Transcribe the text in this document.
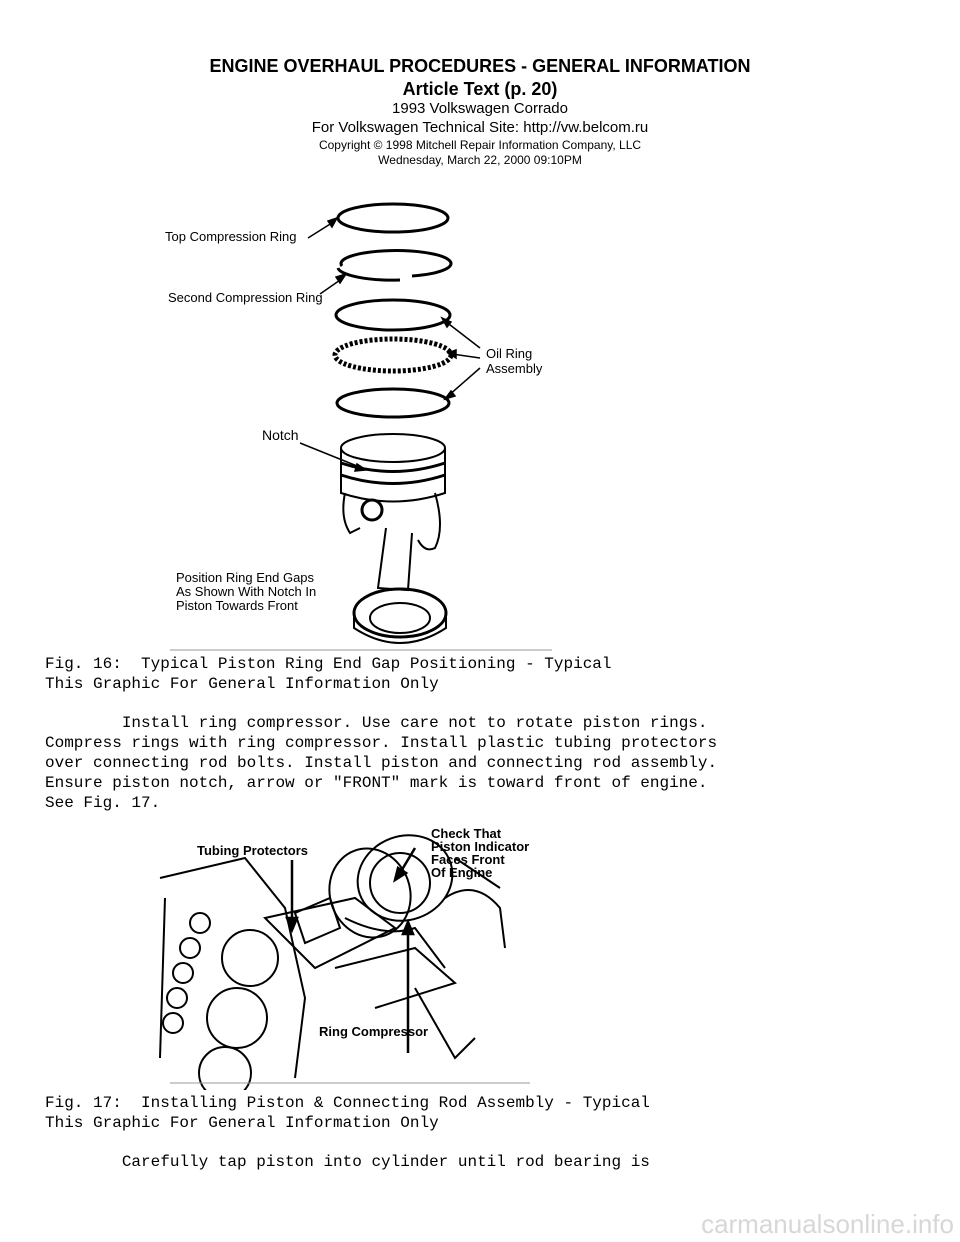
ENGINE OVERHAUL PROCEDURES - GENERAL INFORMATION
Article Text (p. 20)
1993 Volkswagen Corrado
For Volkswagen Technical Site: http://vw.belcom.ru
Copyright © 1998 Mitchell Repair Information Company, LLC
Wednesday, March 22, 2000 09:10PM
Top Compression Ring
Second Compression Ring
Oil Ring
Assembly
Notch
Position Ring End Gaps
As Shown With Notch In
Piston Towards Front
Fig. 16:  Typical Piston Ring End Gap Positioning - Typical
This Graphic For General Information Only
Install ring compressor. Use care not to rotate piston rings.
Compress rings with ring compressor. Install plastic tubing protectors
over connecting rod bolts. Install piston and connecting rod assembly.
Ensure piston notch, arrow or "FRONT" mark is toward front of engine.
See Fig. 17.
Tubing Protectors
Check That
Piston Indicator
Faces Front
Of Engine
Ring Compressor
Fig. 17:  Installing Piston & Connecting Rod Assembly - Typical
This Graphic For General Information Only
Carefully tap piston into cylinder until rod bearing is
carmanualsonline.info
